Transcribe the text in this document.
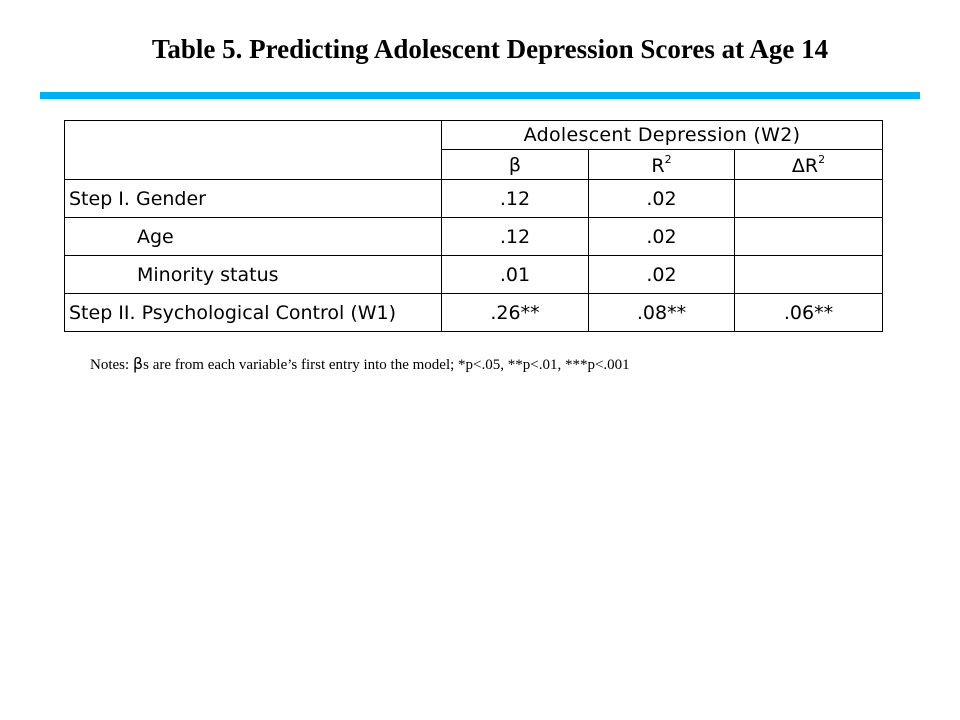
Table 5. Predicting Adolescent Depression Scores at Age 14
	Adolescent Depression (W2)		
	β	$R^2$	$\Delta R^2$
Step I. Gender	.12	.02	
Age	.12	.02	
Minority status	.01	.02	
Step II. Psychological Control (W1)	.26**	.08**	.06**

Notes: βs are from each variable’s first entry into the model; *p<.05, **p<.01, ***p<.001
